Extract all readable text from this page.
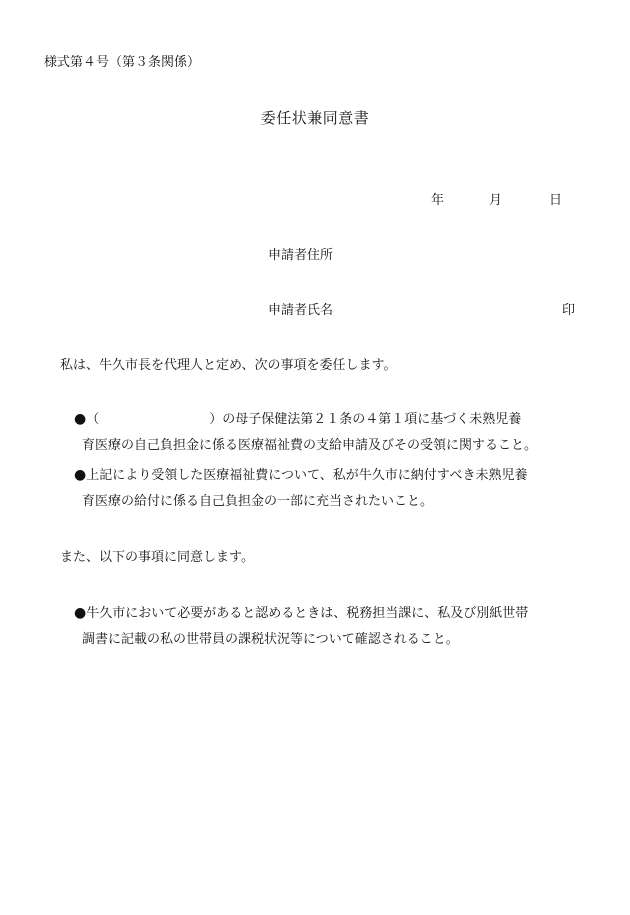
様式第４号（第３条関係）
委任状兼同意書
年	月	日
申請者住所
申請者氏名	印
私は、牛久市長を代理人と定め、次の事項を委任します。
●（	）の母子保健法第２１条の４第１項に基づく未熟児養
育医療の自己負担金に係る医療福祉費の支給申請及びその受領に関すること。
●上記により受領した医療福祉費について、私が牛久市に納付すべき未熟児養
育医療の給付に係る自己負担金の一部に充当されたいこと。
また、以下の事項に同意します。
●牛久市において必要があると認めるときは、税務担当課に、私及び別紙世帯
調書に記載の私の世帯員の課税状況等について確認されること。
